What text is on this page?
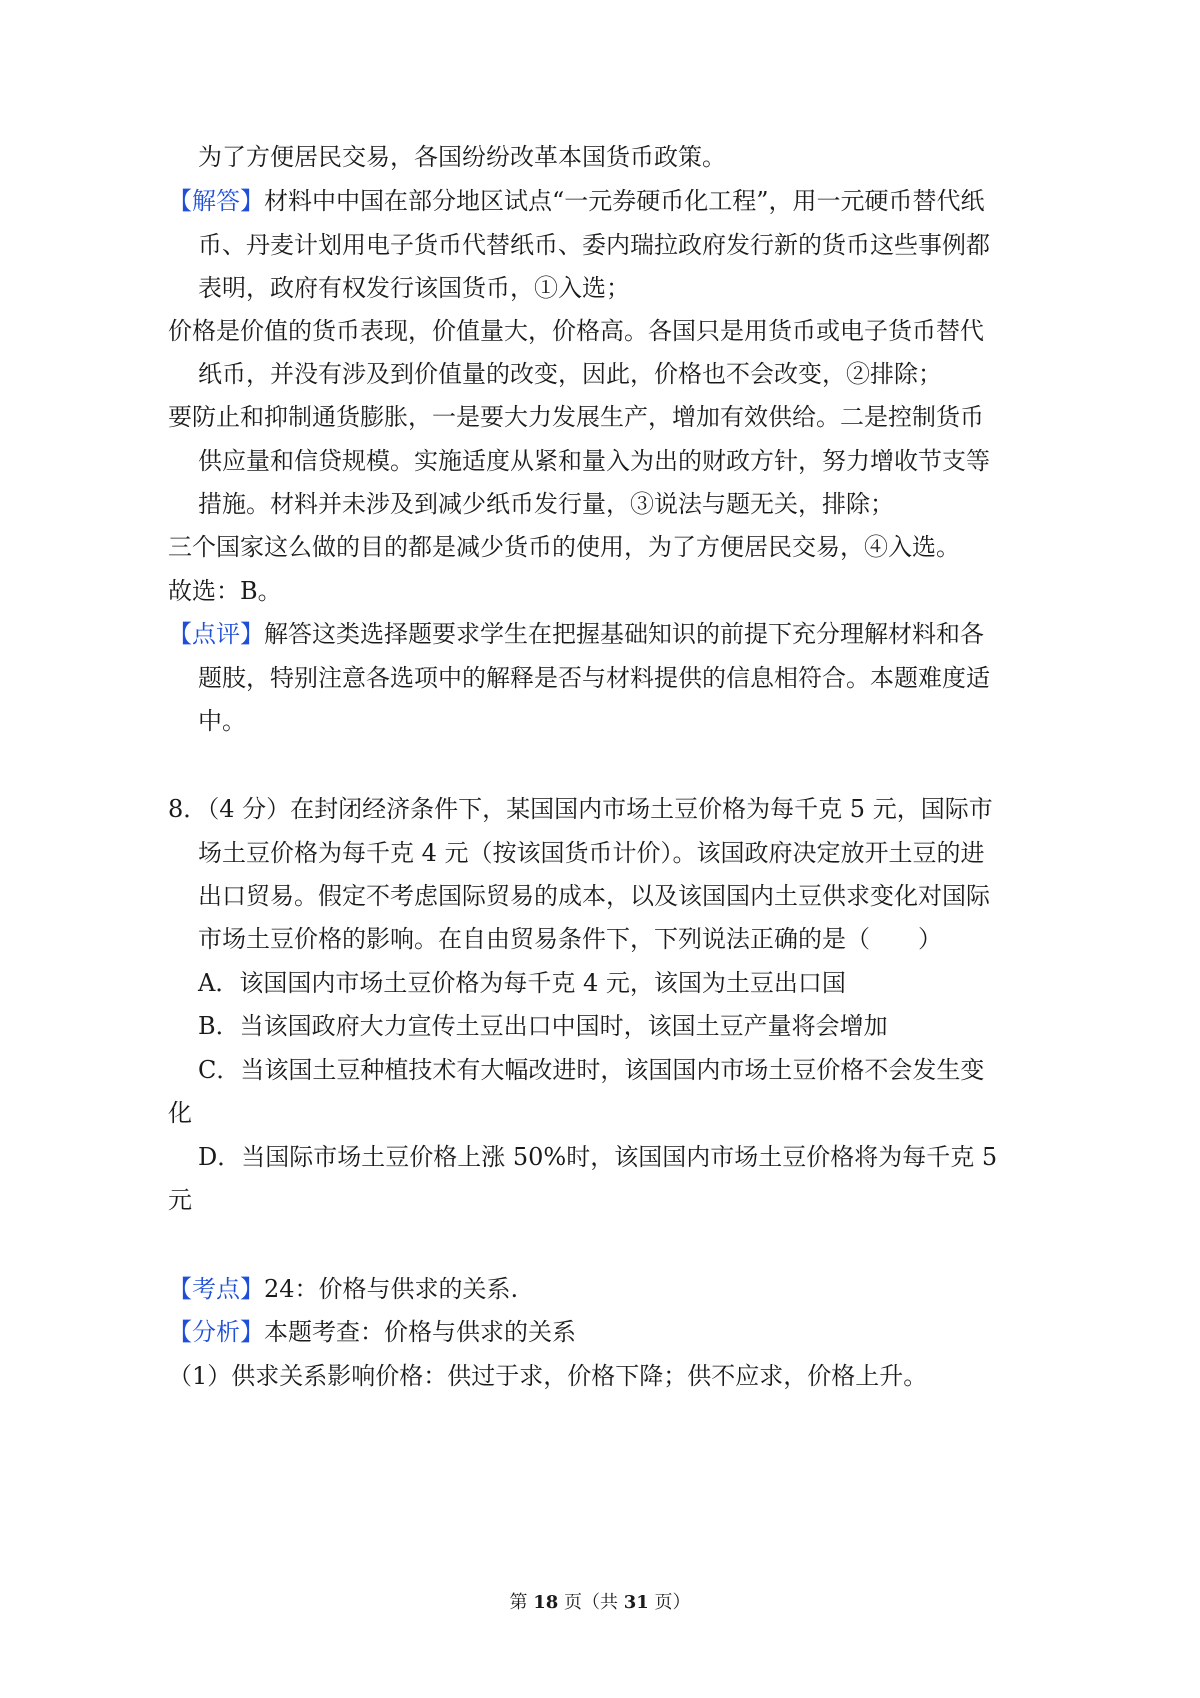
为了方便居民交易，各国纷纷改革本国货币政策。
【解答】材料中中国在部分地区试点“一元券硬币化工程”，用一元硬币替代纸
币、丹麦计划用电子货币代替纸币、委内瑞拉政府发行新的货币这些事例都
表明，政府有权发行该国货币，①入选；
价格是价值的货币表现，价值量大，价格高。各国只是用货币或电子货币替代
纸币，并没有涉及到价值量的改变，因此，价格也不会改变，②排除；
要防止和抑制通货膨胀，一是要大力发展生产，增加有效供给。二是控制货币
供应量和信贷规模。实施适度从紧和量入为出的财政方针，努力增收节支等
措施。材料并未涉及到减少纸币发行量，③说法与题无关，排除；
三个国家这么做的目的都是减少货币的使用，为了方便居民交易，④入选。
故选：B。
【点评】解答这类选择题要求学生在把握基础知识的前提下充分理解材料和各
题肢，特别注意各选项中的解释是否与材料提供的信息相符合。本题难度适
中。
8．（4 分）在封闭经济条件下，某国国内市场土豆价格为每千克 5 元，国际市
场土豆价格为每千克 4 元（按该国货币计价）。该国政府决定放开土豆的进
出口贸易。假定不考虑国际贸易的成本，以及该国国内土豆供求变化对国际
市场土豆价格的影响。在自由贸易条件下，下列说法正确的是（　　）
A．该国国内市场土豆价格为每千克 4 元，该国为土豆出口国
B．当该国政府大力宣传土豆出口中国时，该国土豆产量将会增加
C．当该国土豆种植技术有大幅改进时，该国国内市场土豆价格不会发生变
化
D．当国际市场土豆价格上涨 50%时，该国国内市场土豆价格将为每千克 5
元
【考点】24：价格与供求的关系.
【分析】本题考查：价格与供求的关系
（1）供求关系影响价格：供过于求，价格下降；供不应求，价格上升。
第 18 页（共 31 页）
